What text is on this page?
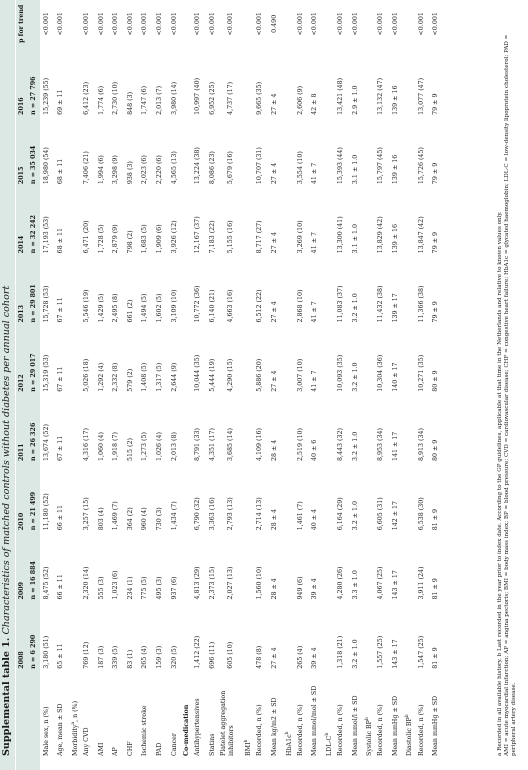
Supplemental table 1. Characteristics of matched controls without diabetes per annual cohort
	2008	2009	2010	2011	2012	2013	2014	2015	2016	p for trend
	n = 6 290	n = 16 884	n = 21 499	n = 26 326	n = 29 017	n = 29 801	n = 32 242	n = 35 034	n = 27 796	
Male sex, n (%)	3,180 (51)	8,475 (52)	11,180 (52)	13,674 (52)	15,319 (53)	15,728 (53)	17,193 (53)	18,980 (54)	15,239 (55)	<0.001
Age, mean ± SD	65 ± 11	66 ± 11	66 ± 11	67 ± 11	67 ± 11	67 ± 11	68 ± 11	68 ± 11	69 ± 11	<0.001
Morbidity$^a$, n (%)										
Any CVD	769 (12)	2,320 (14)	3,257 (15)	4,316 (17)	5,026 (18)	5,546 (19)	6,471 (20)	7,406 (21)	6,412 (23)	<0.001
AMI	187 (3)	555 (3)	803 (4)	1,060 (4)	1,292 (4)	1,429 (5)	1,728 (5)	1,994 (6)	1,774 (6)	<0.001
AP	339 (5)	1,023 (6)	1,469 (7)	1,918 (7)	2,332 (8)	2,495 (8)	2,879 (9)	3,298 (9)	2,730 (10)	<0.001
CHF	83 (1)	234 (1)	364 (2)	515 (2)	579 (2)	661 (2)	798 (2)	938 (3)	848 (3)	<0.001
Ischemic stroke	265 (4)	775 (5)	960 (4)	1,273 (5)	1,408 (5)	1,494 (5)	1,683 (5)	2,023 (6)	1,747 (6)	<0.001
PAD	159 (3)	495 (3)	730 (3)	1,026 (4)	1,317 (5)	1,602 (5)	1,909 (6)	2,220 (6)	2,013 (7)	<0.001
Cancer	320 (5)	937 (6)	1,434 (7)	2,013 (8)	2,644 (9)	3,109 (10)	3,926 (12)	4,565 (13)	3,980 (14)	<0.001
Co-medication										
Antihypertensives	1,412 (22)	4,813 (29)	6,790 (32)	8,791 (33)	10,044 (35)	10,772 (36)	12,167 (37)	13,224 (38)	10,997 (40)	<0.001
Statins	696 (11)	2,373 (15)	3,363 (16)	4,351 (17)	5,444 (19)	6,140 (21)	7,183 (22)	8,086 (23)	6,952 (25)	<0.001
Platelet aggregation inhibitors	605 (10)	2,027 (13)	2,793 (13)	3,685 (14)	4,290 (15)	4,663 (16)	5,155 (16)	5,679 (16)	4,737 (17)	<0.001
BMI$^b$
Recorded, n (%)	478 (8)	1,560 (10)	2,714 (13)	4,109 (16)	5,886 (20)	6,512 (22)	8,717 (27)	10,707 (31)	9,665 (35)	<0.001
Mean kg/m2 ± SD	27 ± 4	28 ± 4	28 ± 4	28 ± 4	27 ± 4	27 ± 4	27 ± 4	27 ± 4	27 ± 4	0.490
$HbA1c^b$
Recorded, n (%)	265 (4)	949 (6)	1,461 (7)	2,519 (10)	3,007 (10)	2,868 (10)	3,269 (10)	3,554 (10)	2,606 (9)	<0.001
Mean mmol/mol ± SD	39 ± 4	39 ± 4	40 ± 4	40 ± 6	41 ± 7	41 ± 7	41 ± 7	41 ± 7	42 ± 8	<0.001
LDL-$C^b$
Recorded, n (%)	1,318 (21)	4,280 (26)	6,164 (29)	8,443 (32)	10,093 (35)	11,083 (37)	13,300 (41)	15,393 (44)	13,421 (48)	<0.001
Mean mmol/l ± SD	3.2 ± 1.0	3.3 ± 1.0	3.2 ± 1.0	3.2 ± 1.0	3.2 ± 1.0	3.2 ± 1.0	3.1 ± 1.0	3.1 ± 1.0	2.9 ± 1.0	<0.001
Systolic $BP^b$
Recorded, n (%)	1,557 (25)	4,067 (25)	6,605 (31)	8,953 (34)	10,304 (36)	11,432 (38)	13,829 (42)	15,797 (45)	13,132 (47)	<0.001
Mean mmHg ± SD	143 ± 17	143 ± 17	142 ± 17	141 ± 17	140 ± 17	139 ± 17	139 ± 16	139 ± 16	139 ± 16	<0.001
Diastolic $BP^b$
Recorded, n (%)	1,547 (25)	3,911 (24)	6,538 (30)	8,913 (34)	10,271 (35)	11,366 (38)	13,847 (42)	15,726 (45)	13,077 (47)	<0.001
Mean mmHg ± SD	81 ± 9	81 ± 9	81 ± 9	80 ± 9	80 ± 9	79 ± 9	79 ± 9	79 ± 9	79 ± 9	<0.001
a Recorded in all available history. b Last recorded in the year prior to index date. According to the GP guidelines, applicable at that time in the Netherlands and relative to known values only. AMI = acute myocardial infarction; AP = angina pectoris; BMI = body mass index; BP = blood pressure; CVD = cardiovascular disease; CHF = congestive heart failure; HbA1c = glycated haemoglobin; LDL-C = low-density lipoprotein cholesterol; PAD = peripheral artery disease.
